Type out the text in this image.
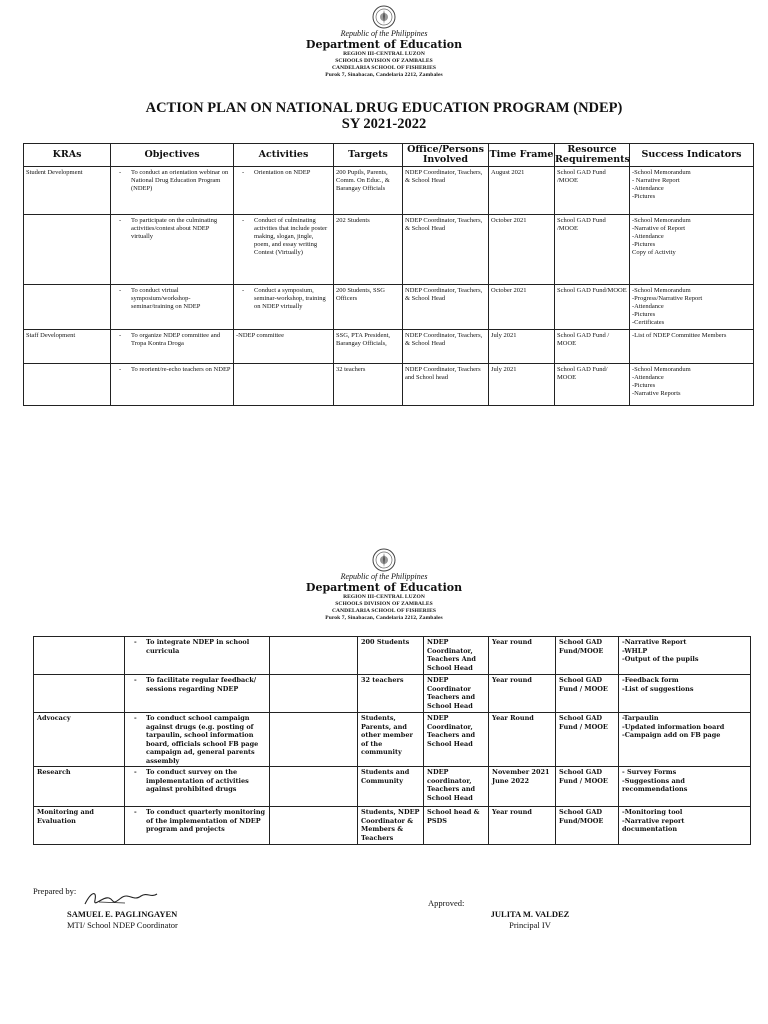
Republic of the Philippines
Department of Education
REGION III-CENTRAL LUZON
SCHOOLS DIVISION OF ZAMBALES
CANDELARIA SCHOOL OF FISHERIES
Purok 7, Sinabacan, Candelaria 2212, Zambales
ACTION PLAN ON NATIONAL DRUG EDUCATION PROGRAM (NDEP)
SY 2021-2022
KRAs	Objectives	Activities	Targets	Office/Persons Involved	Time Frame	Resource Requirements	Success Indicators
Student Development	- To conduct an orientation webinar on National Drug Education Program (NDEP)	- Orientation on NDEP	200 Pupils, Parents, Comm. On Educ., & Barangay Officials	NDEP Coordinator, Teachers, & School Head	August 2021	School GAD Fund /MOOE	-School Memorandum
- Narrative Report
-Attendance
-Pictures

	- To participate on the culminating activities/contest about NDEP virtually	- Conduct of culminating activities that include poster making, slogan, jingle, poem, and essay writing Contest (Virtually)	202 Students	NDEP Coordinator, Teachers, & School Head	October 2021	School GAD Fund /MOOE	-School Memorandum
-Narrative of Report
-Attendance
-Pictures
Copy of Activity

	- To conduct virtual symposium/workshop-seminar/training on NDEP	- Conduct a symposium, seminar-workshop, training on NDEP virtually	200 Students, SSG Officers	NDEP Coordinator, Teachers, & School Head	October 2021	School GAD Fund/MOOE	-School Memorandum
-Progress/Narrative Report
-Attendance
-Pictures
-Certificates
Staff Development	- To organize NDEP committee and Tropa Kontra Droga	-NDEP committee	SSG, PTA President, Barangay Officials,	NDEP Coordinator, Teachers, & School Head	July 2021	School GAD Fund / MOOE	-List of NDEP Committee Members

	- To reorient/re-echo teachers on NDEP		32 teachers	NDEP Coordinator, Teachers and School head	July 2021	School GAD Fund/ MOOE	-School Memorandum
-Attendance
-Pictures
-Narrative Reports
Republic of the Philippines
Department of Education
REGION III-CENTRAL LUZON
SCHOOLS DIVISION OF ZAMBALES
CANDELARIA SCHOOL OF FISHERIES
Purok 7, Sinabacan, Candelaria 2212, Zambales

	- To integrate NDEP in school curricula		200 Students	NDEP Coordinator, Teachers And School Head	Year round	School GAD Fund/MOOE	-Narrative Report
-WHLP
-Output of the pupils

	- To facilitate regular feedback/ sessions regarding NDEP		32 teachers	NDEP Coordinator Teachers and School Head	Year round	School GAD Fund / MOOE	-Feedback form
-List of suggestions
Advocacy	- To conduct school campaign against drugs (e.g. posting of tarpaulin, school information board, officials school FB page campaign ad, general parents assembly		Students, Parents, and other member of the community	NDEP Coordinator, Teachers and School Head	Year Round	School GAD Fund / MOOE	-Tarpaulin
-Updated information board
-Campaign add on FB page
Research	- To conduct survey on the implementation of activities against prohibited drugs		Students and Community	NDEP coordinator, Teachers and School Head	November 2021
June 2022	School GAD Fund / MOOE	- Survey Forms
-Suggestions and recommendations
Monitoring and Evaluation	- To conduct quarterly monitoring of the implementation of NDEP program and projects		Students, NDEP Coordinator & Members & Teachers	School head & PSDS	Year round	School GAD Fund/MOOE	-Monitoring tool
-Narrative report
documentation
Prepared by:
SAMUEL E. PAGLINGAYEN
MTI/ School NDEP Coordinator
Approved:
JULITA M. VALDEZ
Principal IV
